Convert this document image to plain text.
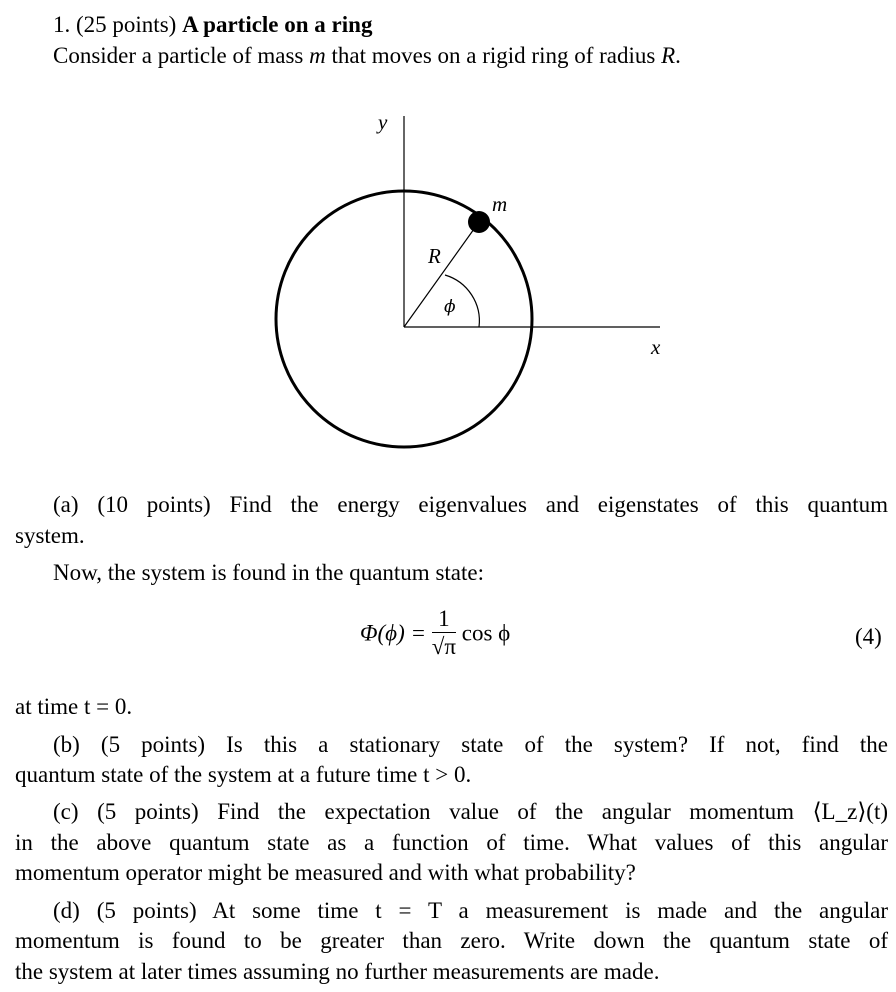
1. (25 points) A particle on a ring
Consider a particle of mass m that moves on a rigid ring of radius R.
y
x
m
R
ϕ
(a) (10 points) Find the energy eigenvalues and eigenstates of this quantum
system.
Now, the system is found in the quantum state:
$\Phi(\phi) = \frac{1}{√\pi}$ cos ϕ	(4)
at time t = 0.
(b) (5 points) Is this a stationary state of the system? If not, find the
quantum state of the system at a future time t > 0.
(c) (5 points) Find the expectation value of the angular momentum ⟨L_z⟩(t)
in the above quantum state as a function of time. What values of this angular
momentum operator might be measured and with what probability?
(d) (5 points) At some time t = T a measurement is made and the angular
momentum is found to be greater than zero. Write down the quantum state of
the system at later times assuming no further measurements are made.
